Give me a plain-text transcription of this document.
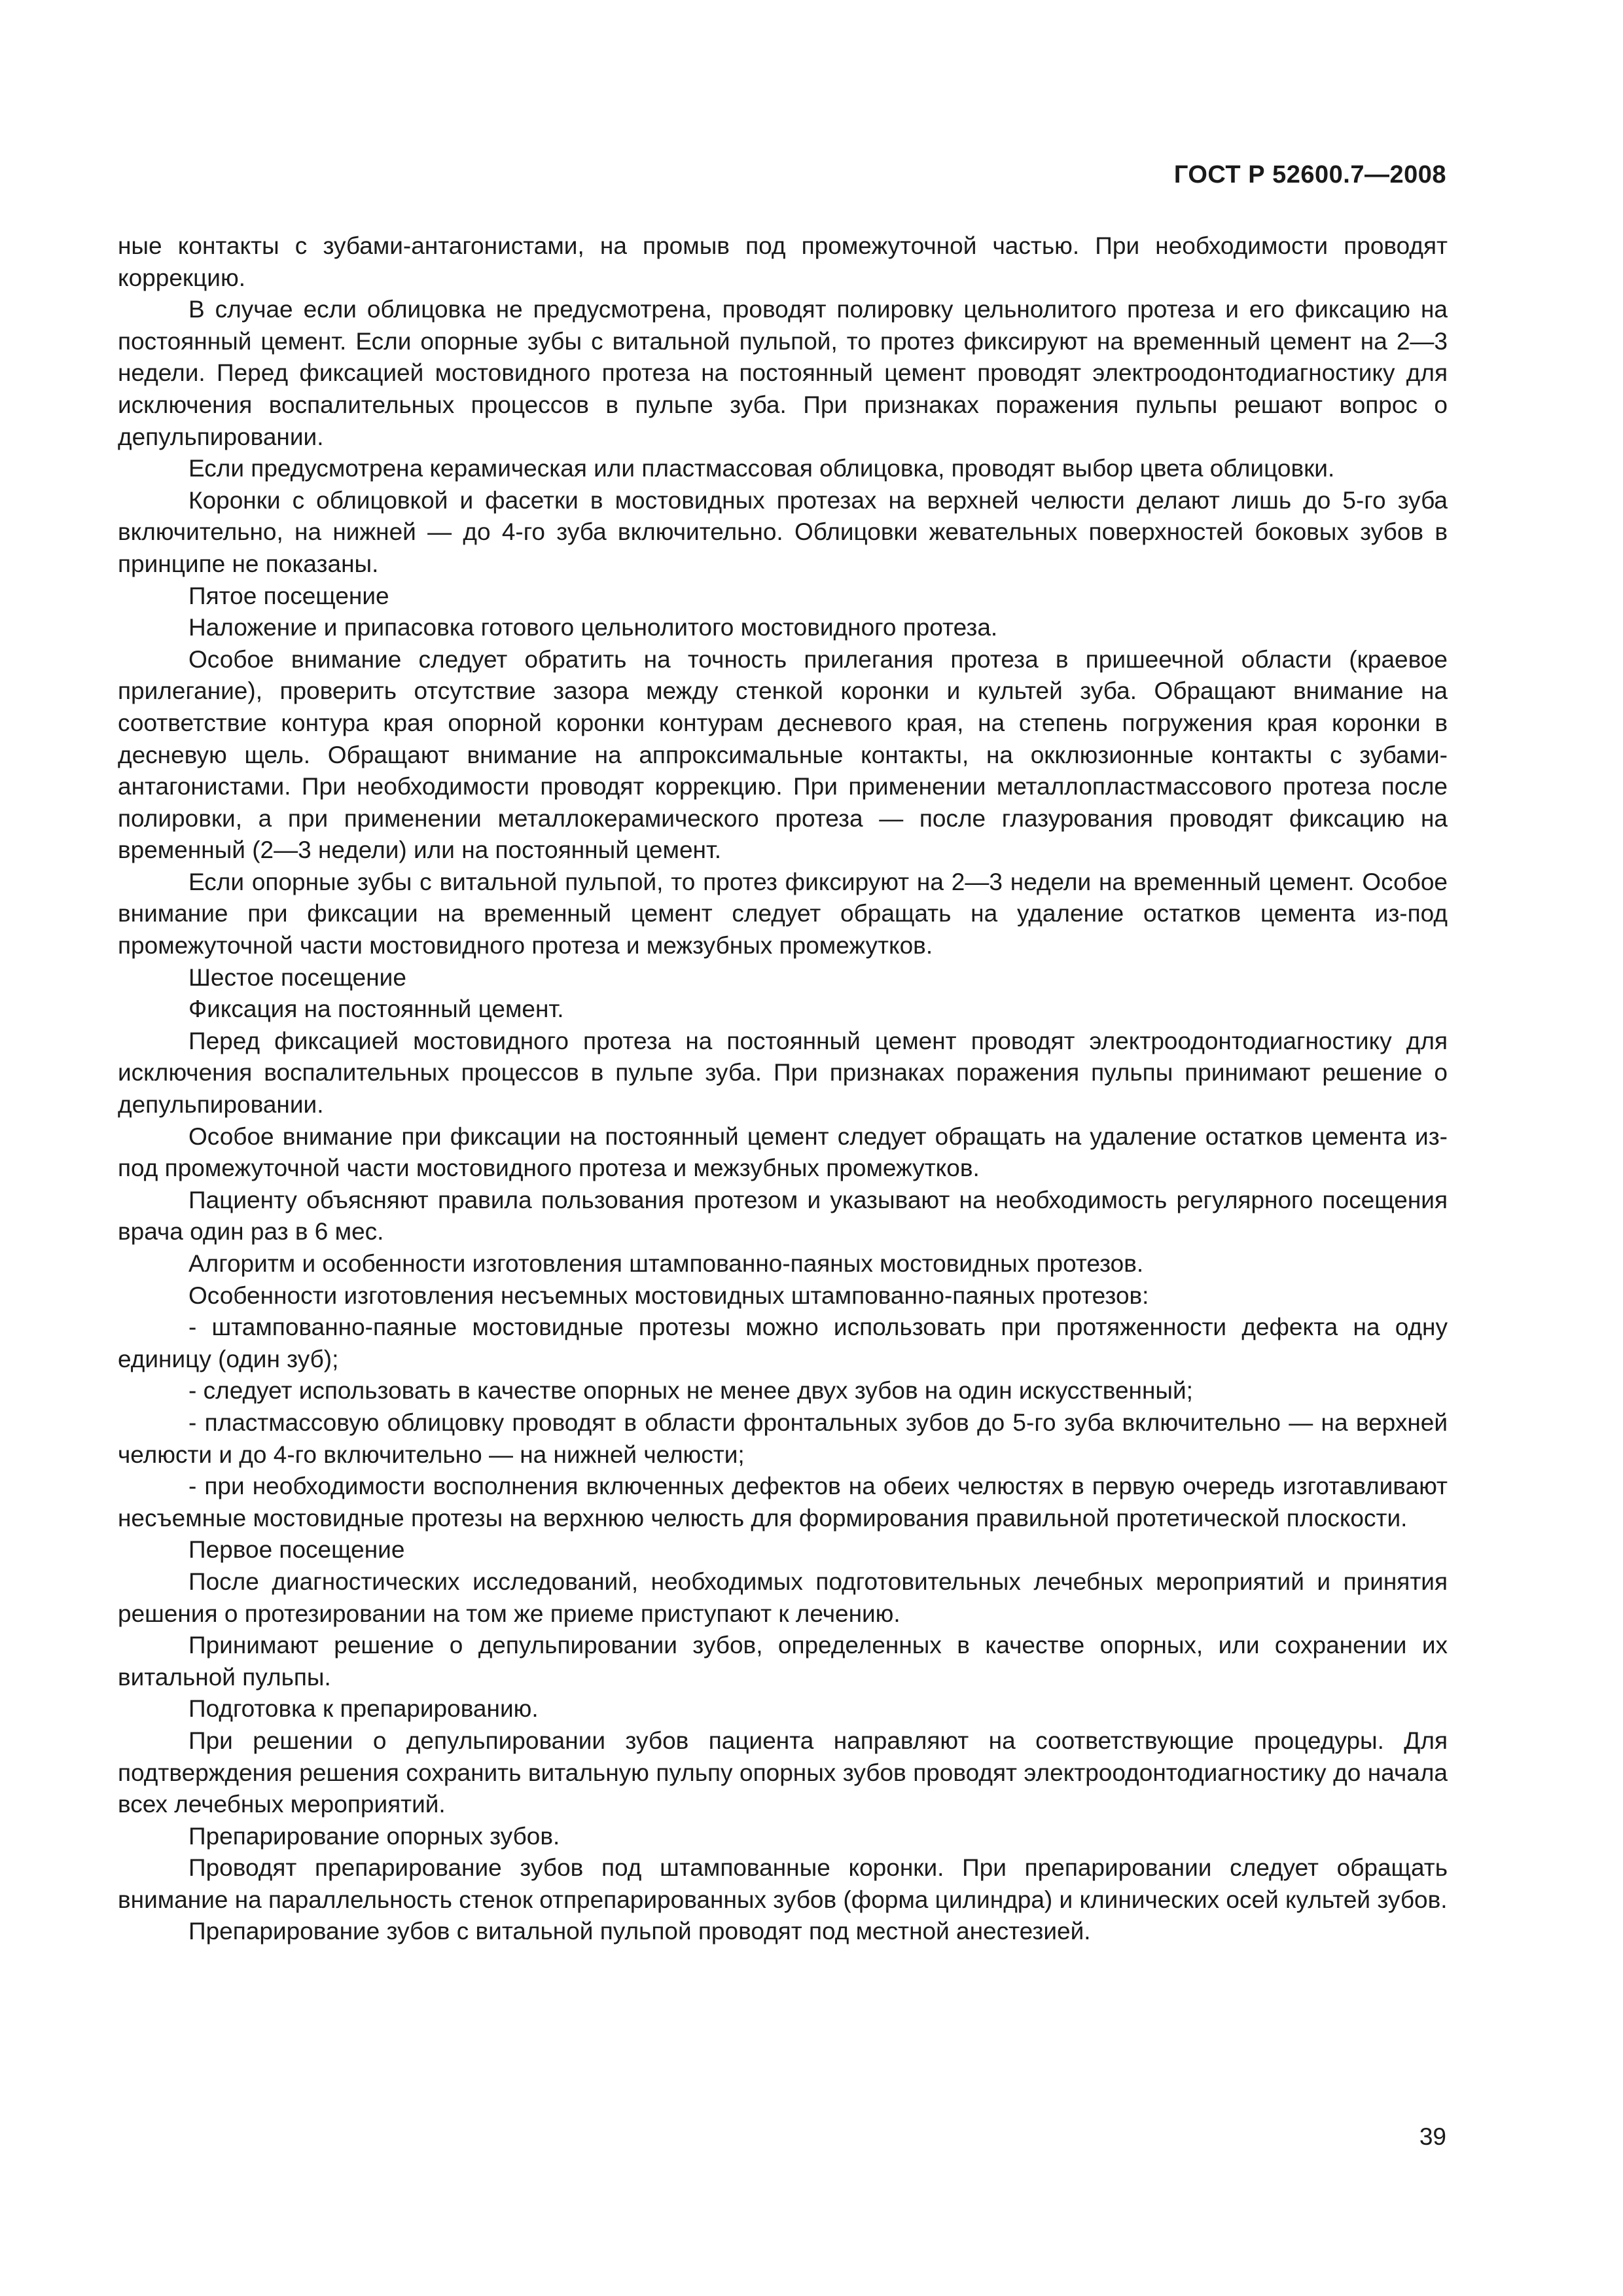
ГОСТ Р 52600.7—2008

ные контакты с зубами-антагонистами, на промыв под промежуточной частью. При необходимости проводят коррекцию.

В случае если облицовка не предусмотрена, проводят полировку цельнолитого протеза и его фиксацию на постоянный цемент. Если опорные зубы с витальной пульпой, то протез фиксируют на временный цемент на 2—3 недели. Перед фиксацией мостовидного протеза на постоянный цемент проводят электроодонтодиагностику для исключения воспалительных процессов в пульпе зуба. При признаках поражения пульпы решают вопрос о депульпировании.

Если предусмотрена керамическая или пластмассовая облицовка, проводят выбор цвета облицовки.

Коронки с облицовкой и фасетки в мостовидных протезах на верхней челюсти делают лишь до 5-го зуба включительно, на нижней — до 4-го зуба включительно. Облицовки жевательных поверхностей боковых зубов в принципе не показаны.

Пятое посещение

Наложение и припасовка готового цельнолитого мостовидного протеза.

Особое внимание следует обратить на точность прилегания протеза в пришеечной области (краевое прилегание), проверить отсутствие зазора между стенкой коронки и культей зуба. Обращают внимание на соответствие контура края опорной коронки контурам десневого края, на степень погружения края коронки в десневую щель. Обращают внимание на аппроксимальные контакты, на окклюзионные контакты с зубами-антагонистами. При необходимости проводят коррекцию. При применении металлопластмассового протеза после полировки, а при применении металлокерамического протеза — после глазурования проводят фиксацию на временный (2—3 недели) или на постоянный цемент.

Если опорные зубы с витальной пульпой, то протез фиксируют на 2—3 недели на временный цемент. Особое внимание при фиксации на временный цемент следует обращать на удаление остатков цемента из-под промежуточной части мостовидного протеза и межзубных промежутков.

Шестое посещение

Фиксация на постоянный цемент.

Перед фиксацией мостовидного протеза на постоянный цемент проводят электроодонтодиагностику для исключения воспалительных процессов в пульпе зуба. При признаках поражения пульпы принимают решение о депульпировании.

Особое внимание при фиксации на постоянный цемент следует обращать на удаление остатков цемента из-под промежуточной части мостовидного протеза и межзубных промежутков.

Пациенту объясняют правила пользования протезом и указывают на необходимость регулярного посещения врача один раз в 6 мес.

Алгоритм и особенности изготовления штампованно-паяных мостовидных протезов.

Особенности изготовления несъемных мостовидных штампованно-паяных протезов:

- штампованно-паяные мостовидные протезы можно использовать при протяженности дефекта на одну единицу (один зуб);

- следует использовать в качестве опорных не менее двух зубов на один искусственный;

- пластмассовую облицовку проводят в области фронтальных зубов до 5-го зуба включительно — на верхней челюсти и до 4-го включительно — на нижней челюсти;

- при необходимости восполнения включенных дефектов на обеих челюстях в первую очередь изготавливают несъемные мостовидные протезы на верхнюю челюсть для формирования правильной протетической плоскости.

Первое посещение

После диагностических исследований, необходимых подготовительных лечебных мероприятий и принятия решения о протезировании на том же приеме приступают к лечению.

Принимают решение о депульпировании зубов, определенных в качестве опорных, или сохранении их витальной пульпы.

Подготовка к препарированию.

При решении о депульпировании зубов пациента направляют на соответствующие процедуры. Для подтверждения решения сохранить витальную пульпу опорных зубов проводят электроодонтодиагностику до начала всех лечебных мероприятий.

Препарирование опорных зубов.

Проводят препарирование зубов под штампованные коронки. При препарировании следует обращать внимание на параллельность стенок отпрепарированных зубов (форма цилиндра) и клинических осей культей зубов.

Препарирование зубов с витальной пульпой проводят под местной анестезией.

39
